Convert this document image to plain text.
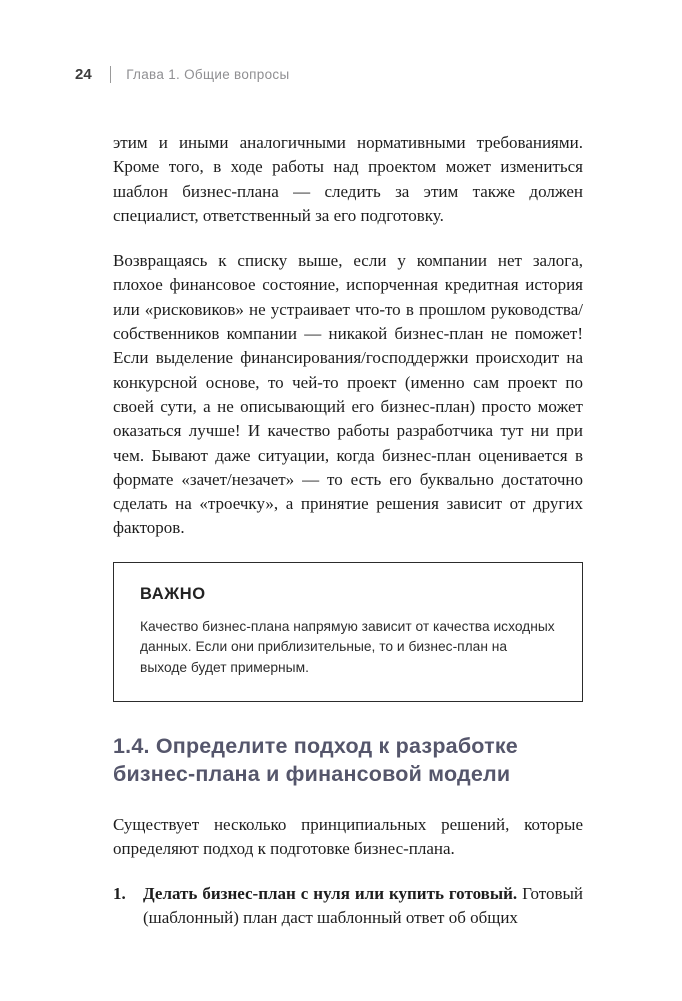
24	Глава 1. Общие вопросы

этим и иными аналогичными нормативными требованиями. Кроме того, в ходе работы над проектом может измениться шаблон бизнес-плана — следить за этим также должен специалист, ответственный за его подготовку.

Возвращаясь к списку выше, если у компании нет залога, плохое финансовое состояние, испорченная кредитная история или «рисковиков» не устраивает что-то в прошлом руководства/собственников компании — никакой бизнес-план не поможет! Если выделение финансирования/господдержки происходит на конкурсной основе, то чей-то проект (именно сам проект по своей сути, а не описывающий его бизнес-план) просто может оказаться лучше! И качество работы разработчика тут ни при чем. Бывают даже ситуации, когда бизнес-план оценивается в формате «зачет/незачет» — то есть его буквально достаточно сделать на «троечку», а принятие решения зависит от других факторов.

ВАЖНО
Качество бизнес-плана напрямую зависит от качества исходных данных. Если они приблизительные, то и бизнес-план на выходе будет примерным.
1.4. Определите подход к разработке бизнес-плана и финансовой модели

Существует несколько принципиальных решений, которые определяют подход к подготовке бизнес-плана.

1.	Делать бизнес-план с нуля или купить готовый. Готовый (шаблонный) план даст шаблонный ответ об общих
